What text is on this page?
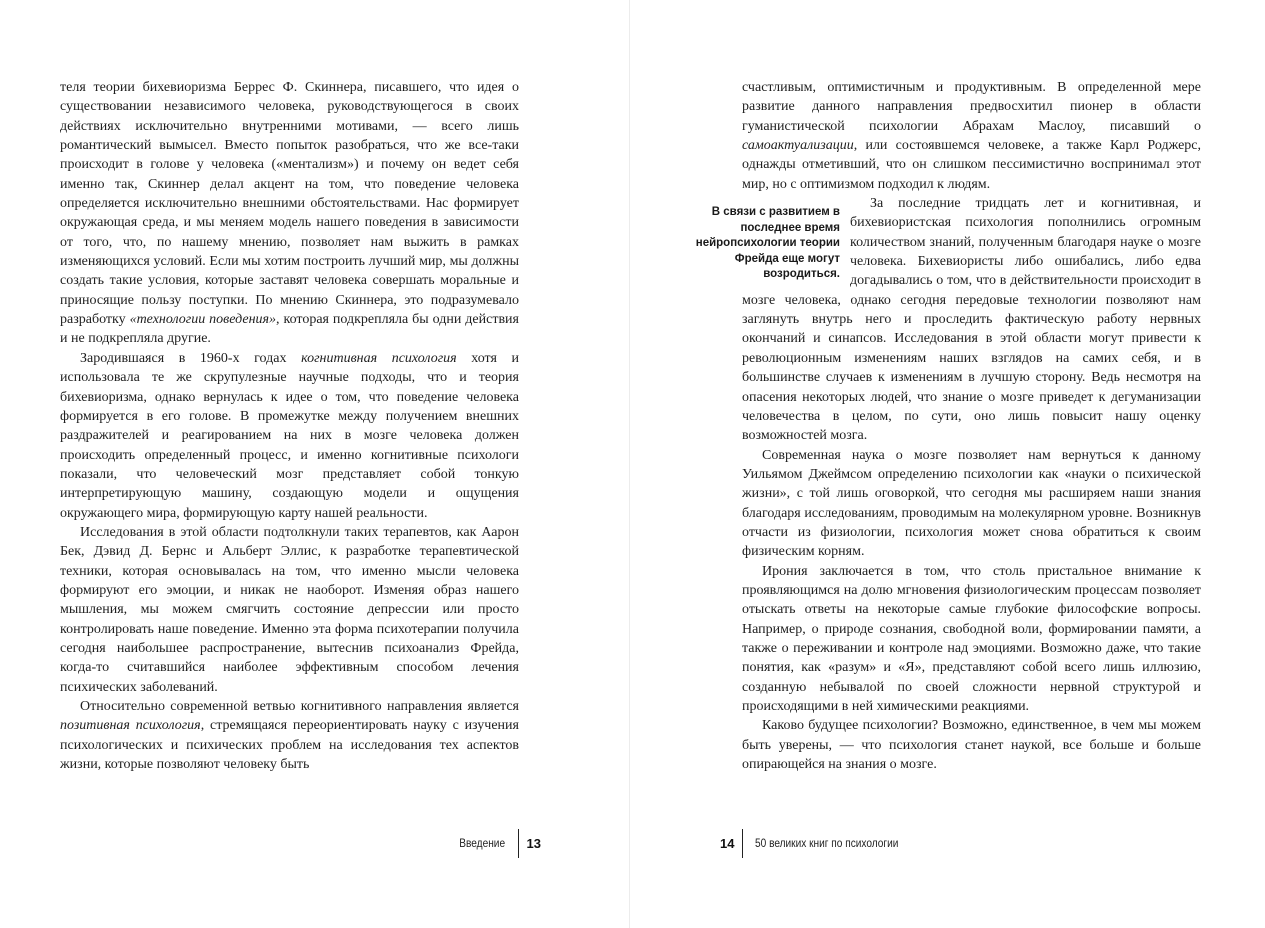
теля теории бихевиоризма Беррес Ф. Скиннера, писавшего, что идея о существовании независимого человека, руководствующегося в своих действиях исключительно внутренними мотивами, — всего лишь романтический вымысел. Вместо попыток разобраться, что же все-таки происходит в голове у человека («ментализм») и почему он ведет себя именно так, Скиннер делал акцент на том, что поведение человека определяется исключительно внешними обстоятельствами. Нас формирует окружающая среда, и мы меняем модель нашего поведения в зависимости от того, что, по нашему мнению, позволяет нам выжить в рамках изменяющихся условий. Если мы хотим построить лучший мир, мы должны создать такие условия, которые заставят человека совершать моральные и приносящие пользу поступки. По мнению Скиннера, это подразумевало разработку «технологии поведения», которая подкрепляла бы одни действия и не подкрепляла другие.

Зародившаяся в 1960-х годах когнитивная психология хотя и использовала те же скрупулезные научные подходы, что и теория бихевиоризма, однако вернулась к идее о том, что поведение человека формируется в его голове. В промежутке между получением внешних раздражителей и реагированием на них в мозге человека должен происходить определенный процесс, и именно когнитивные психологи показали, что человеческий мозг представляет собой тонкую интерпретирующую машину, создающую модели и ощущения окружающего мира, формирующую карту нашей реальности.

Исследования в этой области подтолкнули таких терапевтов, как Аарон Бек, Дэвид Д. Бернс и Альберт Эллис, к разработке терапевтической техники, которая основывалась на том, что именно мысли человека формируют его эмоции, и никак не наоборот. Изменяя образ нашего мышления, мы можем смягчить состояние депрессии или просто контролировать наше поведение. Именно эта форма психотерапии получила сегодня наибольшее распространение, вытеснив психоанализ Фрейда, когда-то считавшийся наиболее эффективным способом лечения психических заболеваний.

Относительно современной ветвью когнитивного направления является позитивная психология, стремящаяся переориентировать науку с изучения психологических и психических проблем на исследования тех аспектов жизни, которые позволяют человеку быть

Введение 13

счастливым, оптимистичным и продуктивным. В определенной мере развитие данного направления предвосхитил пионер в области гуманистической психологии Абрахам Маслоу, писавший о самоактуализации, или состоявшемся человеке, а также Карл Роджерс, однажды отметивший, что он слишком пессимистично воспринимал этот мир, но с оптимизмом подходил к людям.

В связи с развитием в последнее время нейропсихологии теории Фрейда еще могут возродиться.
За последние тридцать лет и когнитивная, и бихевиористская психология пополнились огромным количеством знаний, полученным благодаря науке о мозге человека. Бихевиористы либо ошибались, либо едва догадывались о том, что в действительности происходит в мозге человека, однако сегодня передовые технологии позволяют нам заглянуть внутрь него и проследить фактическую работу нервных окончаний и синапсов. Исследования в этой области могут привести к революционным изменениям наших взглядов на самих себя, и в большинстве случаев к изменениям в лучшую сторону. Ведь несмотря на опасения некоторых людей, что знание о мозге приведет к дегуманизации человечества в целом, по сути, оно лишь повысит нашу оценку возможностей мозга.

Современная наука о мозге позволяет нам вернуться к данному Уильямом Джеймсом определению психологии как «науки о психической жизни», с той лишь оговоркой, что сегодня мы расширяем наши знания благодаря исследованиям, проводимым на молекулярном уровне. Возникнув отчасти из физиологии, психология может снова обратиться к своим физическим корням.

Ирония заключается в том, что столь пристальное внимание к проявляющимся на долю мгновения физиологическим процессам позволяет отыскать ответы на некоторые самые глубокие философские вопросы. Например, о природе сознания, свободной воли, формировании памяти, а также о переживании и контроле над эмоциями. Возможно даже, что такие понятия, как «разум» и «Я», представляют собой всего лишь иллюзию, созданную небывалой по своей сложности нервной структурой и происходящими в ней химическими реакциями.

Каково будущее психологии? Возможно, единственное, в чем мы можем быть уверены, — что психология станет наукой, все больше и больше опирающейся на знания о мозге.

14 50 великих книг по психологии
